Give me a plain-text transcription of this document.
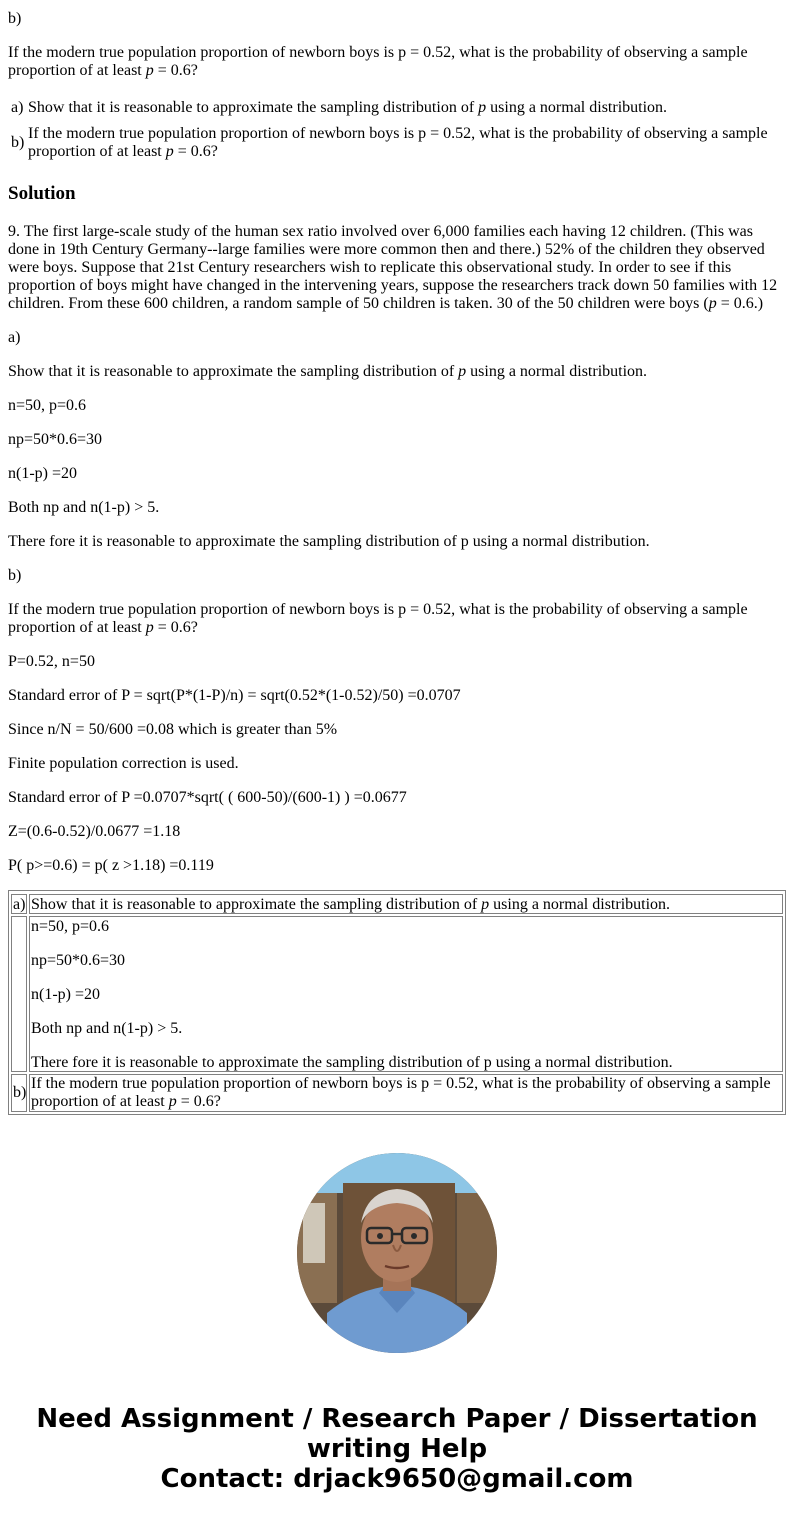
b)
If the modern true population proportion of newborn boys is p = 0.52, what is the probability of observing a sample proportion of at least p = 0.6?
a) Show that it is reasonable to approximate the sampling distribution of p using a normal distribution.
b)
If the modern true population proportion of newborn boys is p = 0.52, what is the probability of observing a sample proportion of at least p = 0.6?
Solution
9. The first large-scale study of the human sex ratio involved over 6,000 families each having 12 children. (This was done in 19th Century Germany--large families were more common then and there.) 52% of the children they observed were boys. Suppose that 21st Century researchers wish to replicate this observational study. In order to see if this proportion of boys might have changed in the intervening years, suppose the researchers track down 50 families with 12 children. From these 600 children, a random sample of 50 children is taken. 30 of the 50 children were boys (p = 0.6.)
a)
Show that it is reasonable to approximate the sampling distribution of p using a normal distribution.
n=50, p=0.6
np=50*0.6=30
n(1-p) =20
Both np and n(1-p) > 5.
There fore it is reasonable to approximate the sampling distribution of p using a normal distribution.
b)
If the modern true population proportion of newborn boys is p = 0.52, what is the probability of observing a sample proportion of at least p = 0.6?
P=0.52, n=50
Standard error of P = sqrt(P*(1-P)/n) = sqrt(0.52*(1-0.52)/50) =0.0707
Since n/N = 50/600 =0.08 which is greater than 5%
Finite population correction is used.
Standard error of P =0.0707*sqrt( ( 600-50)/(600-1) ) =0.0677
Z=(0.6-0.52)/0.0677 =1.18
P( p>=0.6) = p( z >1.18) =0.119
a) Show that it is reasonable to approximate the sampling distribution of p using a normal distribution.
n=50, p=0.6
np=50*0.6=30
n(1-p) =20
Both np and n(1-p) > 5.
There fore it is reasonable to approximate the sampling distribution of p using a normal distribution.
b)
If the modern true population proportion of newborn boys is p = 0.52, what is the probability of observing a sample proportion of at least p = 0.6?
Need Assignment / Research Paper / Dissertation
writing Help
Contact: drjack9650@gmail.com
